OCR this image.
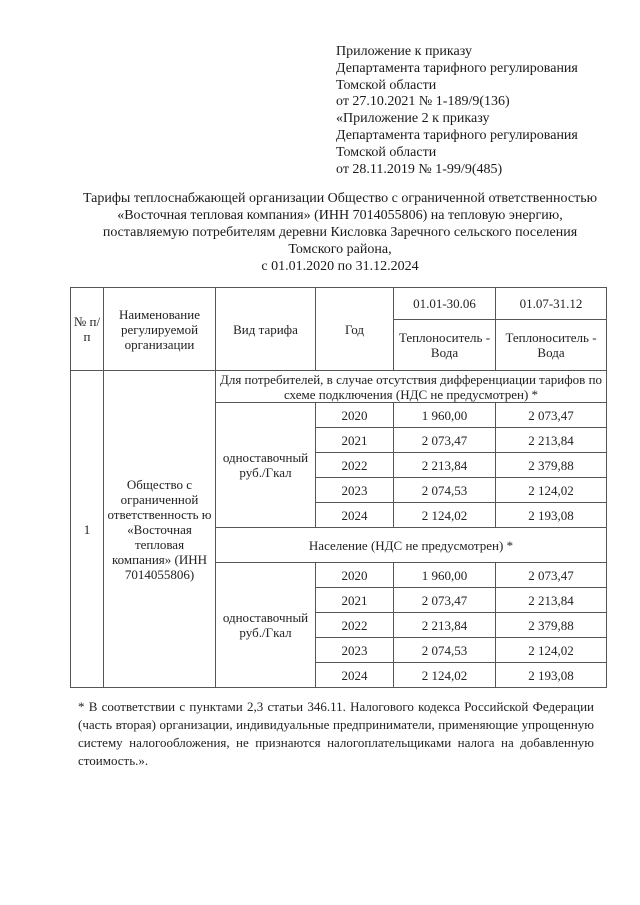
Приложение к приказу
Департамента тарифного регулирования
Томской области
от 27.10.2021 № 1-189/9(136)
«Приложение 2 к приказу
Департамента тарифного регулирования
Томской области
от 28.11.2019 № 1-99/9(485)
Тарифы теплоснабжающей организации Общество с ограниченной ответственностью
«Восточная тепловая компания» (ИНН 7014055806) на тепловую энергию,
поставляемую потребителям деревни Кисловка Заречного сельского поселения
Томского района,
с 01.01.2020 по 31.12.2024
№ п/п	Наименование регулируемой организации	Вид тарифа	Год	01.01-30.06	01.07-31.12
				Теплоноситель - Вода	Теплоноситель - Вода
1	Общество с ограниченной ответственность ю «Восточная тепловая компания» (ИНН 7014055806)	Для потребителей, в случае отсутствия дифференциации тарифов по схеме подключения (НДС не предусмотрен) *			
		одноставочный руб./Гкал	2020	1 960,00	2 073,47
			2021	2 073,47	2 213,84
			2022	2 213,84	2 379,88
			2023	2 074,53	2 124,02
			2024	2 124,02	2 193,08
		Население (НДС не предусмотрен) *			
		одноставочный руб./Гкал	2020	1 960,00	2 073,47
			2021	2 073,47	2 213,84
			2022	2 213,84	2 379,88
			2023	2 074,53	2 124,02
			2024	2 124,02	2 193,08
* В соответствии с пунктами 2,3 статьи 346.11. Налогового кодекса Российской Федерации (часть вторая) организации, индивидуальные предприниматели, применяющие упрощенную систему налогообложения, не признаются налогоплательщиками налога на добавленную стоимость.».
